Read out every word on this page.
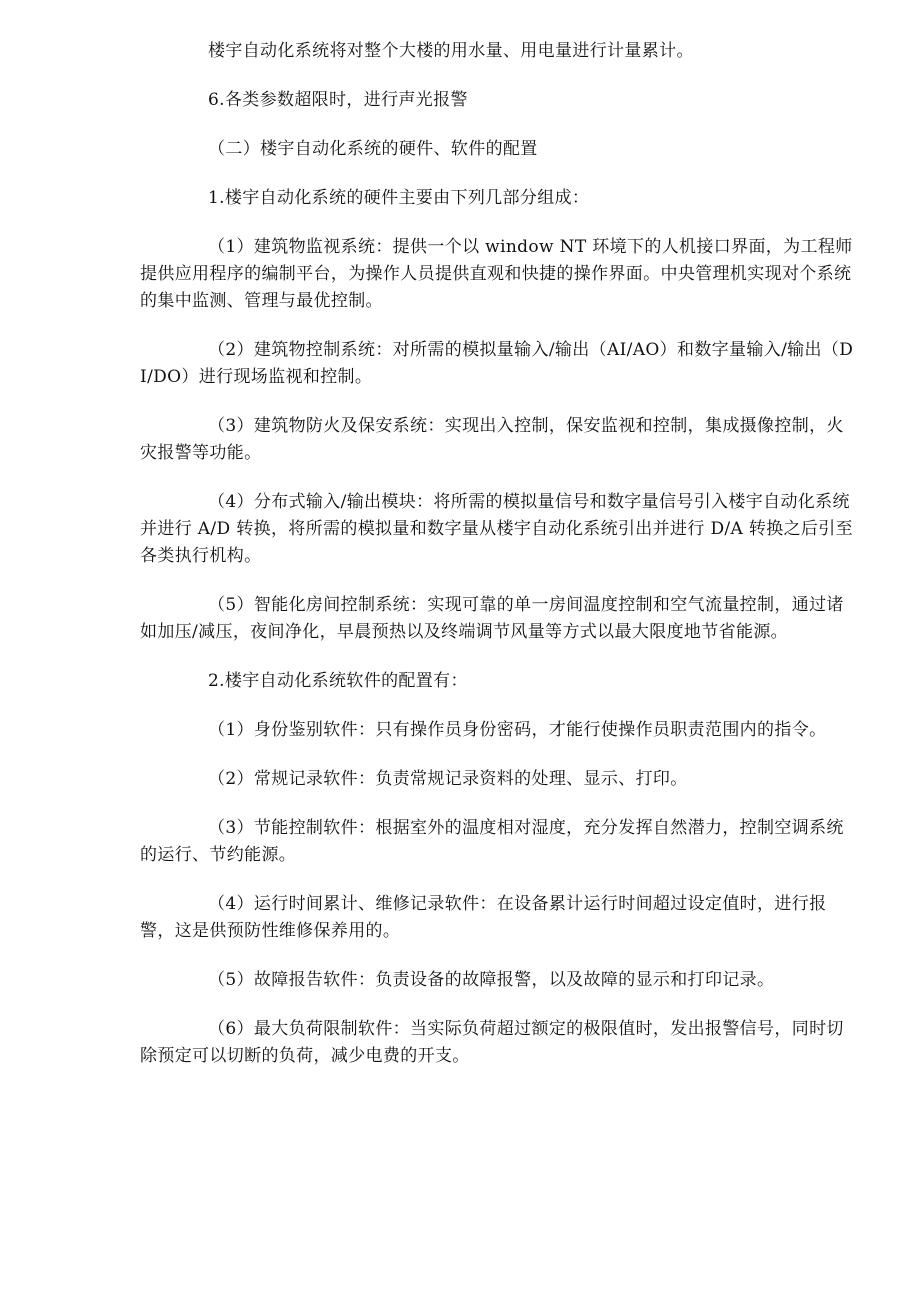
楼宇自动化系统将对整个大楼的用水量、用电量进行计量累计。

6.各类参数超限时，进行声光报警

（二）楼宇自动化系统的硬件、软件的配置

1.楼宇自动化系统的硬件主要由下列几部分组成：

（1）建筑物监视系统：提供一个以 window NT 环境下的人机接口界面，为工程师提供应用程序的编制平台，为操作人员提供直观和快捷的操作界面。中央管理机实现对个系统的集中监测、管理与最优控制。

（2）建筑物控制系统：对所需的模拟量输入/输出（AI/AO）和数字量输入/输出（DI/DO）进行现场监视和控制。

（3）建筑物防火及保安系统：实现出入控制，保安监视和控制，集成摄像控制，火灾报警等功能。

（4）分布式输入/输出模块：将所需的模拟量信号和数字量信号引入楼宇自动化系统并进行 A/D 转换，将所需的模拟量和数字量从楼宇自动化系统引出并进行 D/A 转换之后引至各类执行机构。

（5）智能化房间控制系统：实现可靠的单一房间温度控制和空气流量控制，通过诸如加压/减压，夜间净化，早晨预热以及终端调节风量等方式以最大限度地节省能源。

2.楼宇自动化系统软件的配置有：

（1）身份鉴别软件：只有操作员身份密码，才能行使操作员职责范围内的指令。

（2）常规记录软件：负责常规记录资料的处理、显示、打印。

（3）节能控制软件：根据室外的温度相对湿度，充分发挥自然潜力，控制空调系统的运行、节约能源。

（4）运行时间累计、维修记录软件：在设备累计运行时间超过设定值时，进行报警，这是供预防性维修保养用的。

（5）故障报告软件：负责设备的故障报警，以及故障的显示和打印记录。

（6）最大负荷限制软件：当实际负荷超过额定的极限值时，发出报警信号，同时切除预定可以切断的负荷，减少电费的开支。
